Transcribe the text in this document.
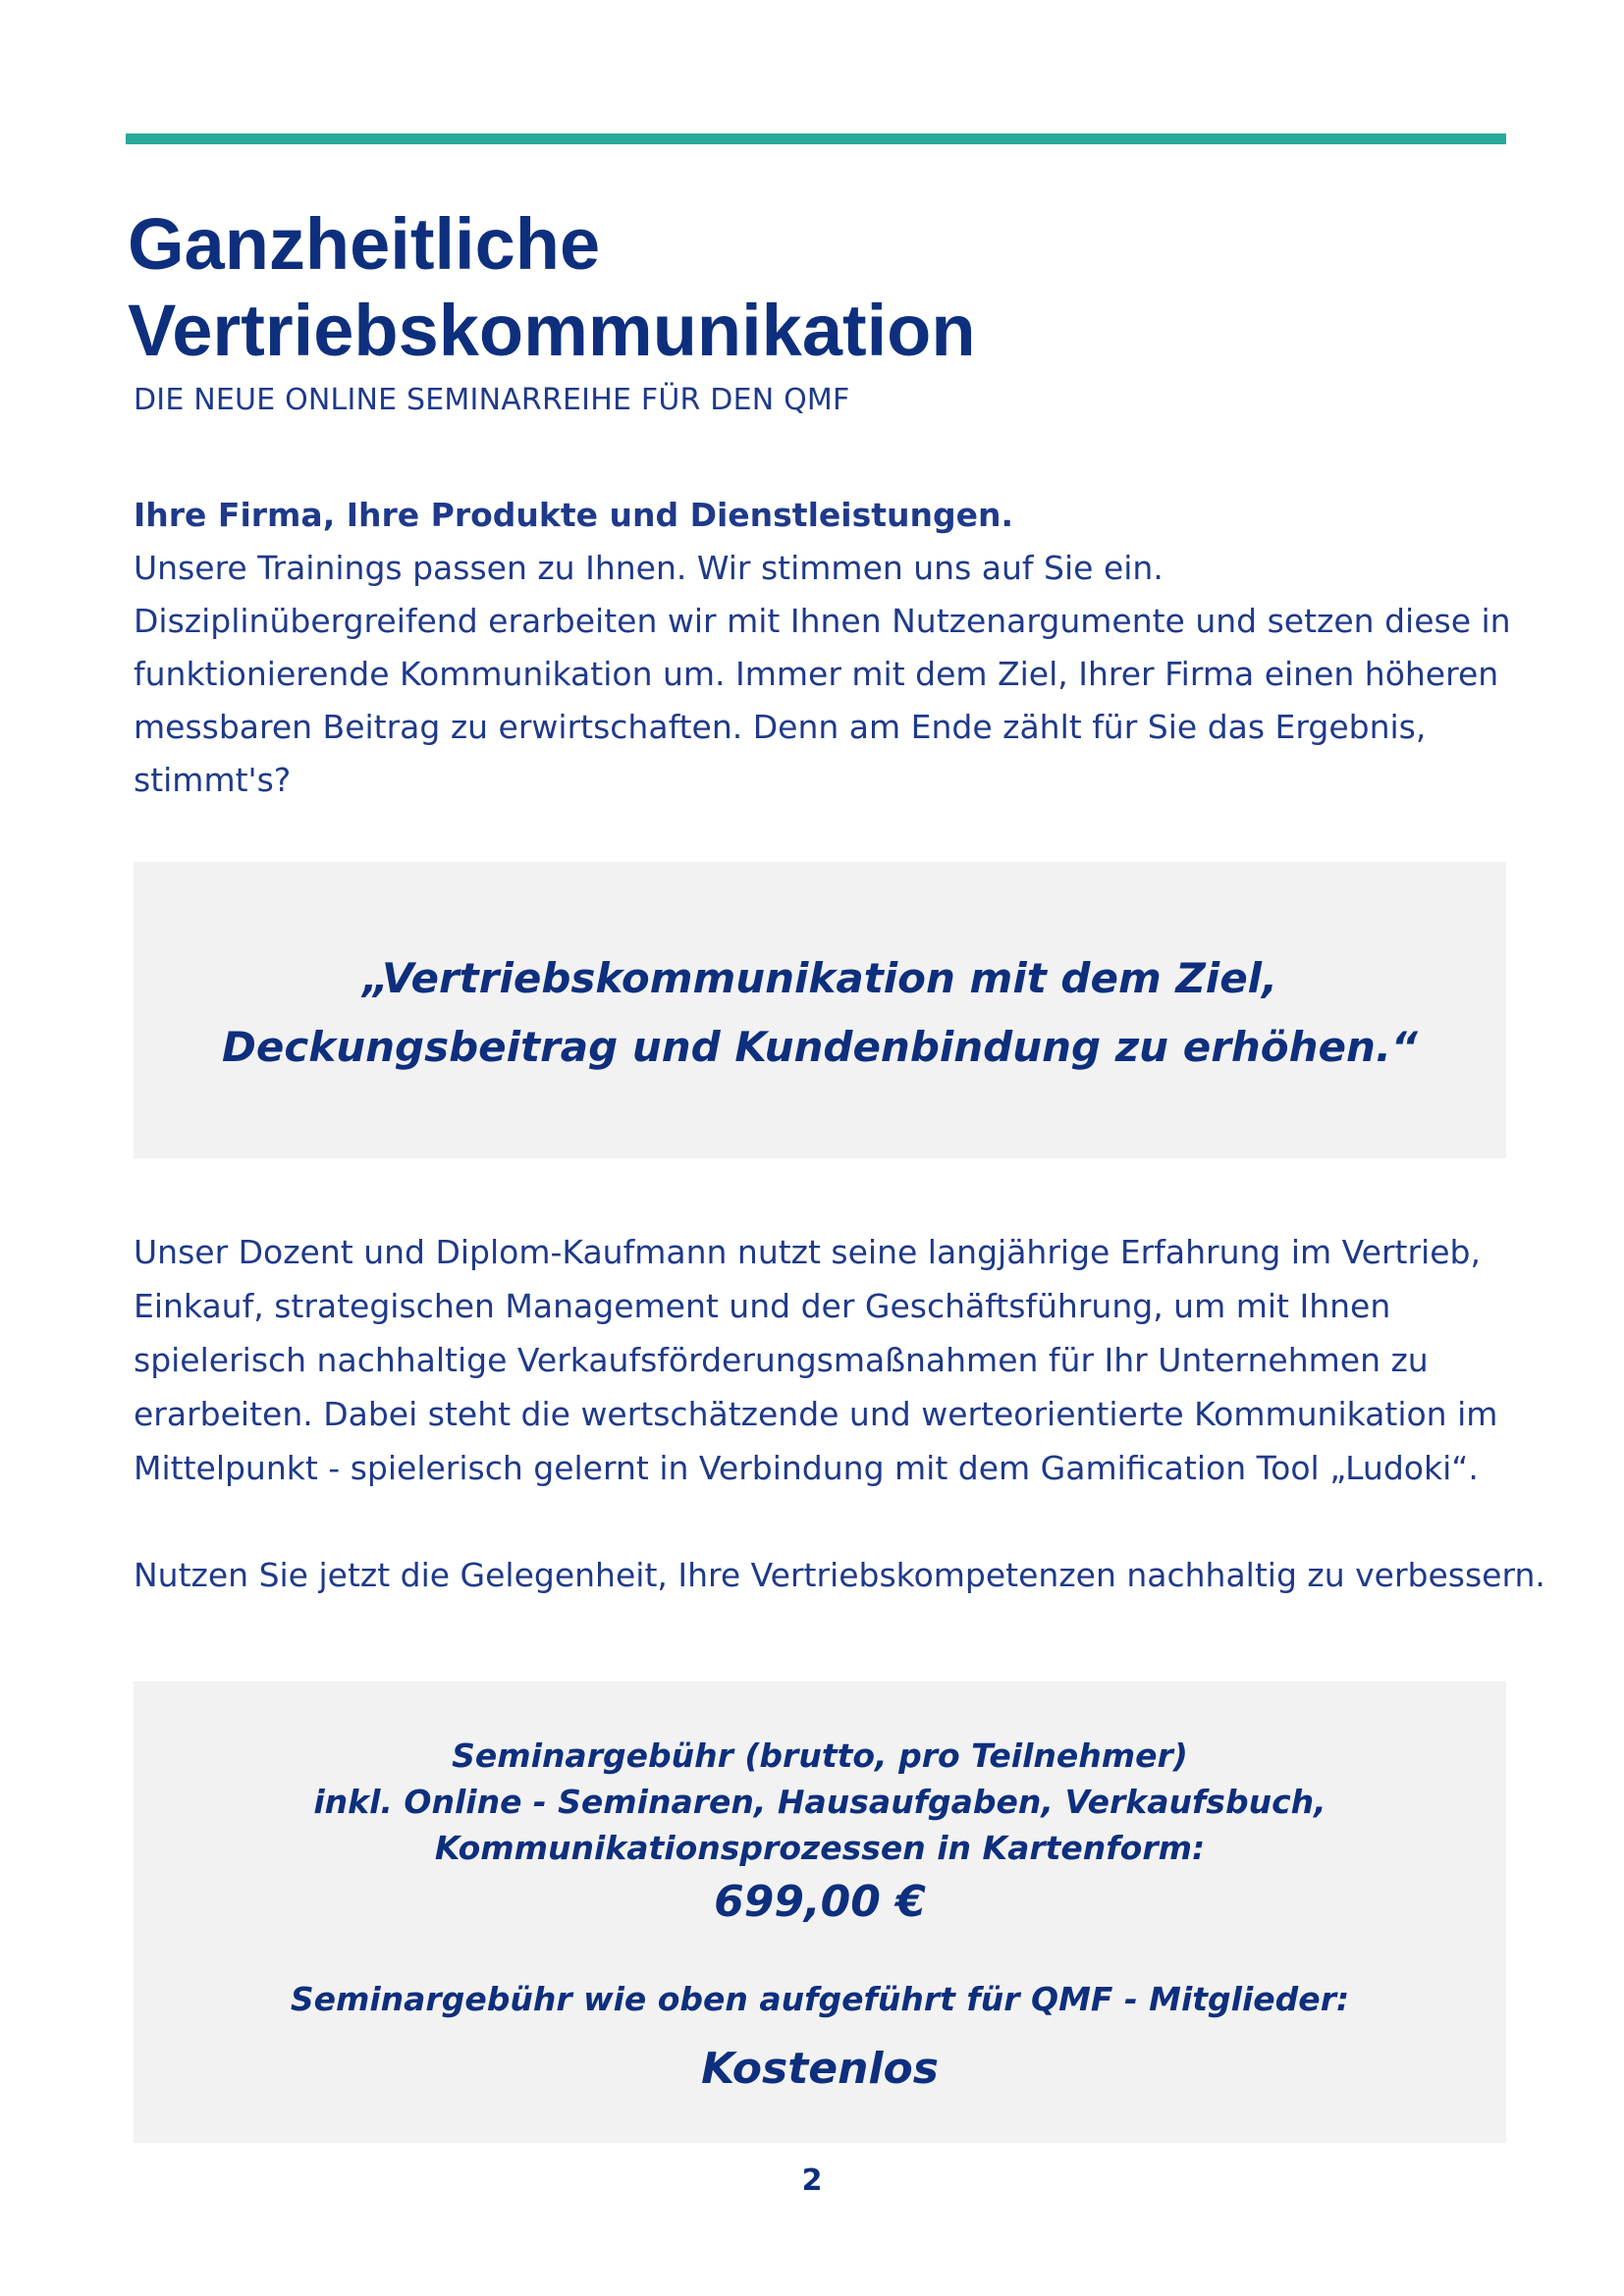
Ganzheitliche
Vertriebskommunikation

DIE NEUE ONLINE SEMINARREIHE FÜR DEN QMF

Ihre Firma, Ihre Produkte und Dienstleistungen.
Unsere Trainings passen zu Ihnen. Wir stimmen uns auf Sie ein.
Disziplinübergreifend erarbeiten wir mit Ihnen Nutzenargumente und setzen diese in
funktionierende Kommunikation um. Immer mit dem Ziel, Ihrer Firma einen höheren
messbaren Beitrag zu erwirtschaften. Denn am Ende zählt für Sie das Ergebnis,
stimmt's?
„Vertriebskommunikation mit dem Ziel,
Deckungsbeitrag und Kundenbindung zu erhöhen.“
Unser Dozent und Diplom-Kaufmann nutzt seine langjährige Erfahrung im Vertrieb,
Einkauf, strategischen Management und der Geschäftsführung, um mit Ihnen
spielerisch nachhaltige Verkaufsförderungsmaßnahmen für Ihr Unternehmen zu
erarbeiten. Dabei steht die wertschätzende und werteorientierte Kommunikation im
Mittelpunkt - spielerisch gelernt in Verbindung mit dem Gamification Tool „Ludoki“.

Nutzen Sie jetzt die Gelegenheit, Ihre Vertriebskompetenzen nachhaltig zu verbessern.

Seminargebühr (brutto, pro Teilnehmer)
inkl. Online - Seminaren, Hausaufgaben, Verkaufsbuch,
Kommunikationsprozessen in Kartenform:
699,00 €
Seminargebühr wie oben aufgeführt für QMF - Mitglieder:
Kostenlos
2
